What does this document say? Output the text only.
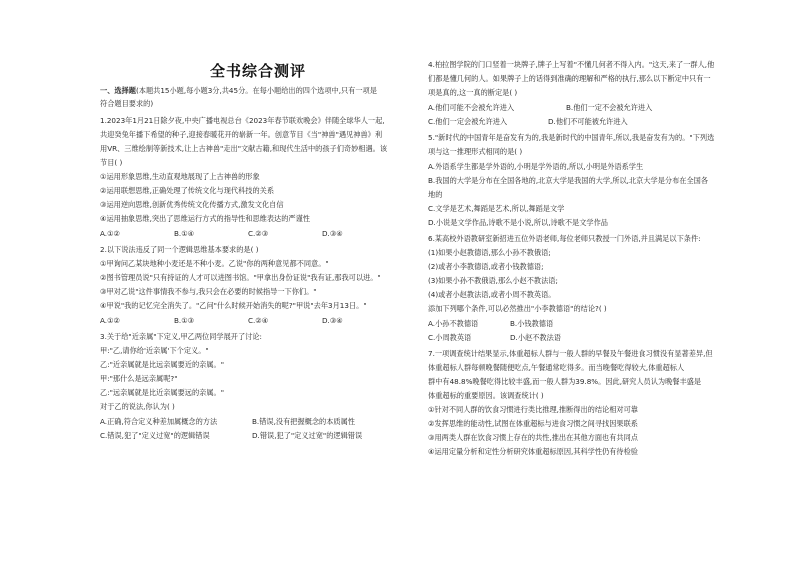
全书综合测评
一、选择题(本题共15小题,每小题3分,共45分。在每小题给出的四个选项中,只有一项是
符合题目要求的)
1.2023年1月21日除夕夜,中央广播电视总台《2023年春节联欢晚会》伴随全球华人一起,
共迎癸兔年播下希望的种子,迎接春暖花开的崭新一年。创意节目《当"神兽"遇见神兽》利
用VR、三维绘制等新技术,让上古神兽"走出"文献古籍,和现代生活中的孩子们奇妙相遇。该
节目( )
①运用形象思维,生动直观地展现了上古神兽的形象
②运用联想思维,正确处理了传统文化与现代科技的关系
③运用逆向思维,创新优秀传统文化传播方式,激发文化自信
④运用抽象思维,突出了思维运行方式的指导性和思维表达的严谨性
A.①②	B.①④	C.②③	D.③④
2.以下说法违反了同一个逻辑思维基本要求的是( )
①甲询问乙某块地种小麦还是不种小麦。乙说"你的两种意见都不同意。"
②图书管理员说"只有持证的人才可以进图书馆。"甲拿出身份证说"我有证,那我可以进。"
③甲对乙说"这件事情我不参与,我只会在必要的时候指导一下你们。"
④甲说"我的记忆完全消失了。"乙问"什么时候开始消失的呢?"甲说"去年3月13日。"
A.①②	B.①③	C.②④	D.③④
3.关于给"近亲属"下定义,甲乙两位同学展开了讨论:
甲:"乙,请你给'近亲属'下个定义。"
乙:"近亲属就是比远亲属要近的亲属。"
甲:"那什么是远亲属呢?"
乙:"远亲属就是比近亲属要远的亲属。"
对于乙的说法,你认为( )
A.正确,符合定义种差加属概念的方法	B.错误,没有把握概念的本质属性
C.错误,犯了"定义过宽"的逻辑错误	D.错误,犯了"定义过宽"的逻辑错误
4.柏拉图学院的门口竖着一块牌子,牌子上写着"不懂几何者不得入内。"这天,来了一群人,他
们都是懂几何的人。如果牌子上的话得到准确的理解和严格的执行,那么以下断定中只有一
项是真的,这一真的断定是( )
A.他们可能不会被允许进入	B.他们一定不会被允许进入
C.他们一定会被允许进入	D.他们不可能被允许进入
5."新时代的中国青年是奋发有为的,我是新时代的中国青年,所以,我是奋发有为的。"下列选
项与这一推理形式相同的是( )
A.外语系学生都是学外语的,小明是学外语的,所以,小明是外语系学生
B.我国的大学是分布在全国各地的,北京大学是我国的大学,所以,北京大学是分布在全国各
地的
C.文学是艺术,舞蹈是艺术,所以,舞蹈是文学
D.小说是文学作品,诗歌不是小说,所以,诗歌不是文学作品
6.某高校外语教研室新招进五位外语老师,每位老师只教授一门外语,并且满足以下条件:
(1)如果小赵教德语,那么小孙不教俄语;
(2)或者小李教德语,或者小钱教德语;
(3)如果小孙不教俄语,那么小赵不教法语;
(4)或者小赵教法语,或者小周不教英语。
添加下列哪个条件,可以必然推出"小李教德语"的结论?( )
A.小孙不教德语	B.小钱教德语
C.小周教英语	D.小赵不教法语
7.一项调查统计结果显示,体重超标人群与一般人群的早餐及午餐进食习惯没有显著差异,但
体重超标人群每顿晚餐随便吃点,午餐通常吃得多。而当晚餐吃得较大,体重超标人
群中有48.8%晚餐吃得比较丰盛,而一般人群为39.8%。因此,研究人员认为晚餐丰盛是
体重超标的重要原因。该调查统计( )
①针对不同人群的饮食习惯进行类比推理,推断得出的结论相对可靠
②发挥思维的能动性,试图在体重超标与进食习惯之间寻找因果联系
③用两类人群在饮食习惯上存在的共性,推出在其他方面也有共同点
④运用定量分析和定性分析研究体重超标原因,其科学性仍有待检验
